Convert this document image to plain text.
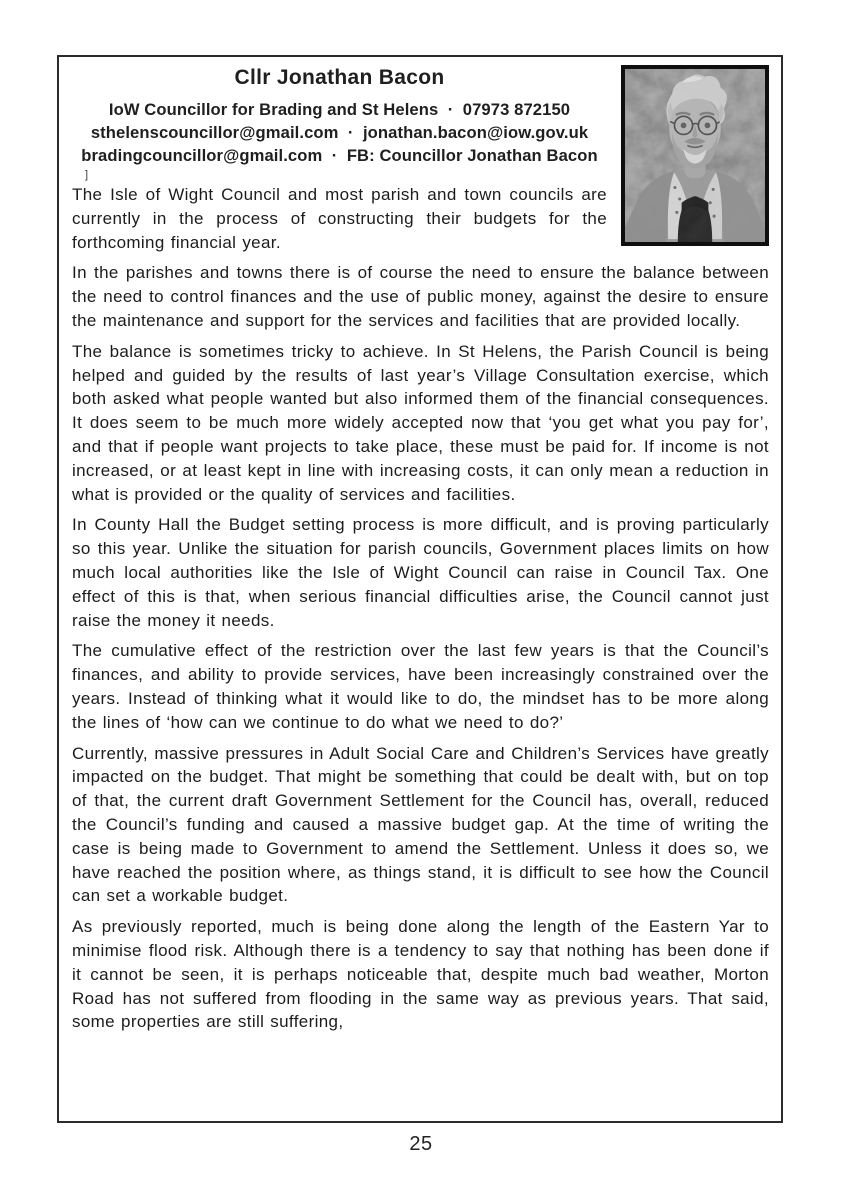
Cllr Jonathan Bacon
IoW Councillor for Brading and St Helens  ·  07973 872150
sthelenscouncillor@gmail.com  ·  jonathan.bacon@iow.gov.uk
bradingcouncillor@gmail.com  ·  FB: Councillor Jonathan Bacon
]

The Isle of Wight Council and most parish and town councils are currently in the process of constructing their budgets for the forthcoming financial year.

In the parishes and towns there is of course the need to ensure the balance between the need to control finances and the use of public money, against the desire to ensure the maintenance and support for the services and facilities that are provided locally.

The balance is sometimes tricky to achieve. In St Helens, the Parish Council is being helped and guided by the results of last year’s Village Consultation exercise, which both asked what people wanted but also informed them of the financial consequences. It does seem to be much more widely accepted now that ‘you get what you pay for’, and that if people want projects to take place, these must be paid for. If income is not increased, or at least kept in line with increasing costs, it can only mean a reduction in what is provided or the quality of services and facilities.

In County Hall the Budget setting process is more difficult, and is proving particularly so this year. Unlike the situation for parish councils, Government places limits on how much local authorities like the Isle of Wight Council can raise in Council Tax. One effect of this is that, when serious financial difficulties arise, the Council cannot just raise the money it needs.

The cumulative effect of the restriction over the last few years is that the Council’s finances, and ability to provide services, have been increasingly constrained over the years. Instead of thinking what it would like to do, the mindset has to be more along the lines of ‘how can we continue to do what we need to do?’

Currently, massive pressures in Adult Social Care and Children’s Services have greatly impacted on the budget. That might be something that could be dealt with, but on top of that, the current draft Government Settlement for the Council has, overall, reduced the Council’s funding and caused a massive budget gap. At the time of writing the case is being made to Government to amend the Settlement. Unless it does so, we have reached the position where, as things stand, it is difficult to see how the Council can set a workable budget.

As previously reported, much is being done along the length of the Eastern Yar to minimise flood risk. Although there is a tendency to say that nothing has been done if it cannot be seen, it is perhaps noticeable that, despite much bad weather, Morton Road has not suffered from flooding in the same way as previous years. That said, some properties are still suffering,

25
